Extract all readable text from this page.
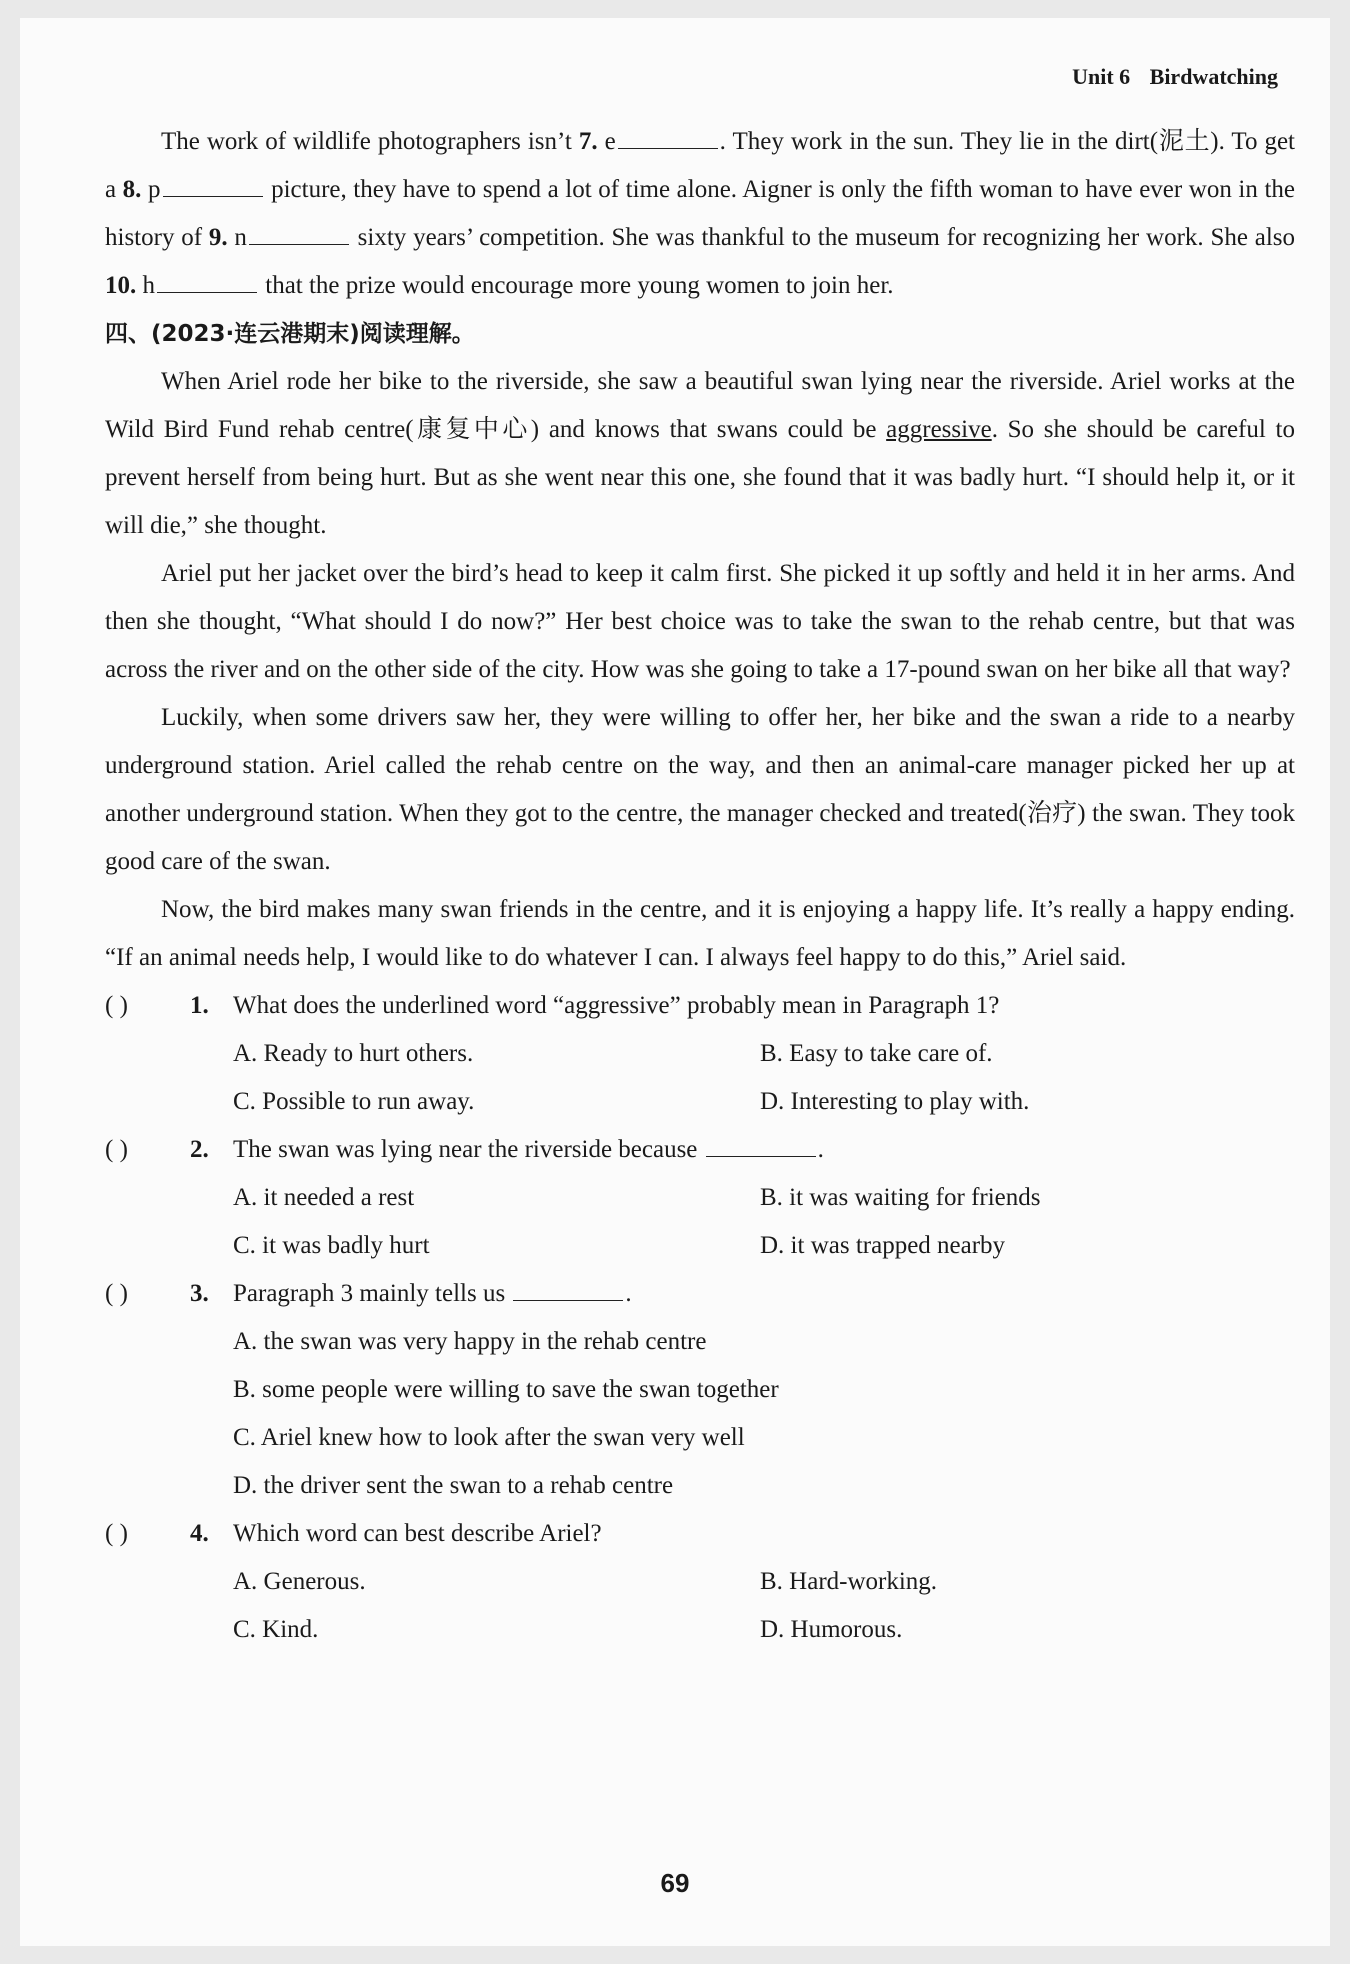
Unit 6 Birdwatching

The work of wildlife photographers isn’t 7. e	. They work in the sun. They lie in the dirt(泥土). To get a 8. p	picture, they have to spend a lot of time alone. Aigner is only the fifth woman to have ever won in the history of 9. n	sixty years’ competition. She was thankful to the museum for recognizing her work. She also 10. h	that the prize would encourage more young women to join her.

四、(2023·连云港期末)阅读理解。

When Ariel rode her bike to the riverside, she saw a beautiful swan lying near the riverside. Ariel works at the Wild Bird Fund rehab centre(康复中心) and knows that swans could be aggressive. So she should be careful to prevent herself from being hurt. But as she went near this one, she found that it was badly hurt. “I should help it, or it will die,” she thought.

Ariel put her jacket over the bird’s head to keep it calm first. She picked it up softly and held it in her arms. And then she thought, “What should I do now?” Her best choice was to take the swan to the rehab centre, but that was across the river and on the other side of the city. How was she going to take a 17-pound swan on her bike all that way?

Luckily, when some drivers saw her, they were willing to offer her, her bike and the swan a ride to a nearby underground station. Ariel called the rehab centre on the way, and then an animal-care manager picked her up at another underground station. When they got to the centre, the manager checked and treated(治疗) the swan. They took good care of the swan.

Now, the bird makes many swan friends in the centre, and it is enjoying a happy life. It’s really a happy ending. “If an animal needs help, I would like to do whatever I can. I always feel happy to do this,” Ariel said.

( ) 1. What does the underlined word “aggressive” probably mean in Paragraph 1?
A. Ready to hurt others.	B. Easy to take care of.
C. Possible to run away.	D. Interesting to play with.
( ) 2. The swan was lying near the riverside because	.
A. it needed a rest	B. it was waiting for friends
C. it was badly hurt	D. it was trapped nearby
( ) 3. Paragraph 3 mainly tells us	.
A. the swan was very happy in the rehab centre
B. some people were willing to save the swan together
C. Ariel knew how to look after the swan very well
D. the driver sent the swan to a rehab centre
( ) 4. Which word can best describe Ariel?
A. Generous.	B. Hard-working.
C. Kind.	D. Humorous.
69
